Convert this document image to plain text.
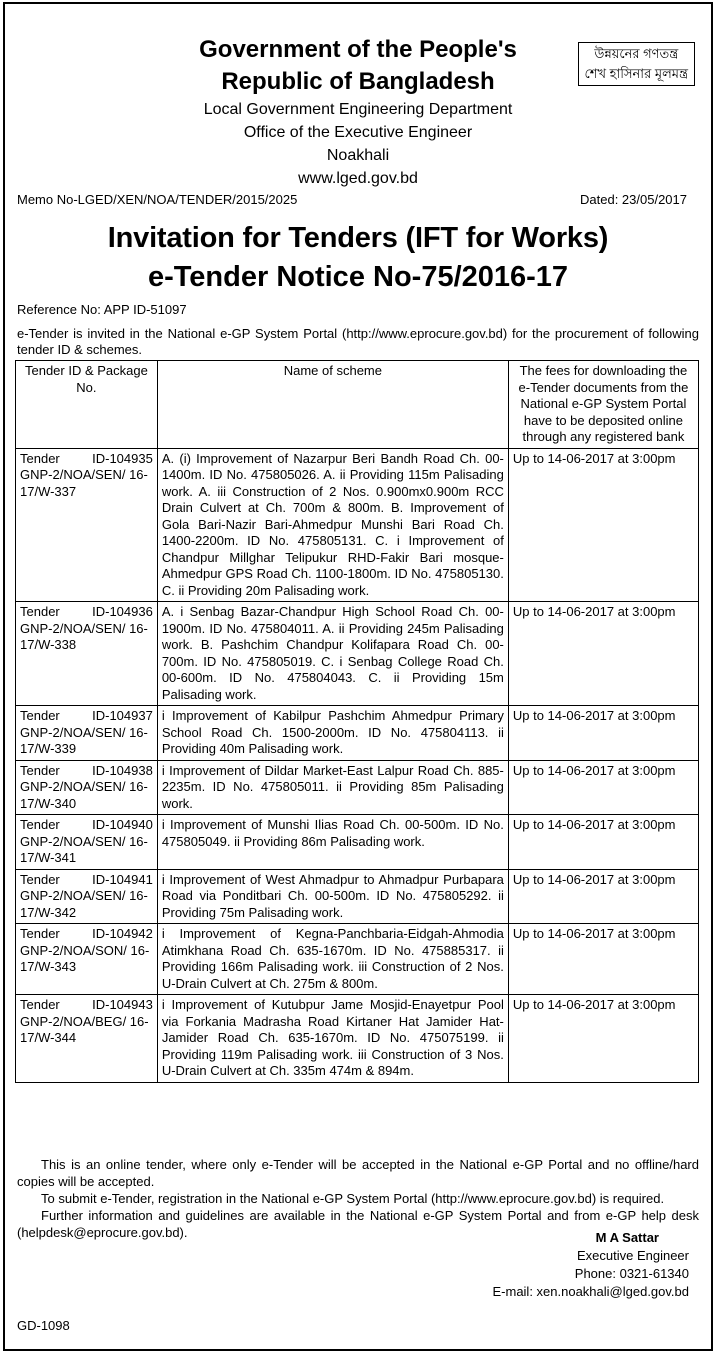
Government of the People's
Republic of Bangladesh
Local Government Engineering Department
Office of the Executive Engineer
Noakhali
www.lged.gov.bd
উন্নয়নের গণতন্ত্র
শেখ হাসিনার মূলমন্ত্র
Memo No-LGED/XEN/NOA/TENDER/2015/2025	Dated: 23/05/2017
Invitation for Tenders (IFT for Works)
e-Tender Notice No-75/2016-17
Reference No: APP ID-51097
e-Tender is invited in the National e-GP System Portal (http://www.eprocure.gov.bd) for the procurement of following tender ID & schemes.
Tender ID & Package No.	Name of scheme	The fees for downloading the e-Tender documents from the National e-GP System Portal have to be deposited online through any registered bank

Tender ID-104935
GNP-2/NOA/SEN/ 16-17/W-337	A. (i) Improvement of Nazarpur Beri Bandh Road Ch. 00-1400m. ID No. 475805026. A. ii Providing 115m Palisading work. A. iii Construction of 2 Nos. 0.900mx0.900m RCC Drain Culvert at Ch. 700m & 800m. B. Improvement of Gola Bari-Nazir Bari-Ahmedpur Munshi Bari Road Ch. 1400-2200m. ID No. 475805131. C. i Improvement of Chandpur Millghar Telipukur RHD-Fakir Bari mosque- Ahmedpur GPS Road Ch. 1100-1800m. ID No. 475805130. C. ii Providing 20m Palisading work.	Up to 14-06-2017 at 3:00pm

Tender ID-104936
GNP-2/NOA/SEN/ 16-17/W-338	A. i Senbag Bazar-Chandpur High School Road Ch. 00-1900m. ID No. 475804011. A. ii Providing 245m Palisading work. B. Pashchim Chandpur Kolifapara Road Ch. 00-700m. ID No. 475805019. C. i Senbag College Road Ch. 00-600m. ID No. 475804043. C. ii Providing 15m Palisading work.	Up to 14-06-2017 at 3:00pm

Tender ID-104937
GNP-2/NOA/SEN/ 16-17/W-339	i Improvement of Kabilpur Pashchim Ahmedpur Primary School Road Ch. 1500-2000m. ID No. 475804113. ii Providing 40m Palisading work.	Up to 14-06-2017 at 3:00pm

Tender ID-104938
GNP-2/NOA/SEN/ 16-17/W-340	i Improvement of Dildar Market-East Lalpur Road Ch. 885-2235m. ID No. 475805011. ii Providing 85m Palisading work.	Up to 14-06-2017 at 3:00pm

Tender ID-104940
GNP-2/NOA/SEN/ 16-17/W-341	i Improvement of Munshi Ilias Road Ch. 00-500m. ID No. 475805049. ii Providing 86m Palisading work.	Up to 14-06-2017 at 3:00pm

Tender ID-104941
GNP-2/NOA/SEN/ 16-17/W-342	i Improvement of West Ahmadpur to Ahmadpur Purbapara Road via Ponditbari Ch. 00-500m. ID No. 475805292. ii Providing 75m Palisading work.	Up to 14-06-2017 at 3:00pm

Tender ID-104942
GNP-2/NOA/SON/ 16-17/W-343	i Improvement of Kegna-Panchbaria-Eidgah-Ahmodia Atimkhana Road Ch. 635-1670m. ID No. 475885317. ii Providing 166m Palisading work. iii Construction of 2 Nos. U-Drain Culvert at Ch. 275m & 800m.	Up to 14-06-2017 at 3:00pm

Tender ID-104943
GNP-2/NOA/BEG/ 16-17/W-344	i Improvement of Kutubpur Jame Mosjid-Enayetpur Pool via Forkania Madrasha Road Kirtaner Hat Jamider Hat-Jamider Road Ch. 635-1670m. ID No. 475075199. ii Providing 119m Palisading work. iii Construction of 3 Nos. U-Drain Culvert at Ch. 335m 474m & 894m.	Up to 14-06-2017 at 3:00pm

This is an online tender, where only e-Tender will be accepted in the National e-GP Portal and no offline/hard copies will be accepted.

To submit e-Tender, registration in the National e-GP System Portal (http://www.eprocure.gov.bd) is required.

Further information and guidelines are available in the National e-GP System Portal and from e-GP help desk (helpdesk@eprocure.gov.bd).	M A Sattar
Executive Engineer
Phone: 0321-61340
E-mail: xen.noakhali@lged.gov.bd
GD-1098
